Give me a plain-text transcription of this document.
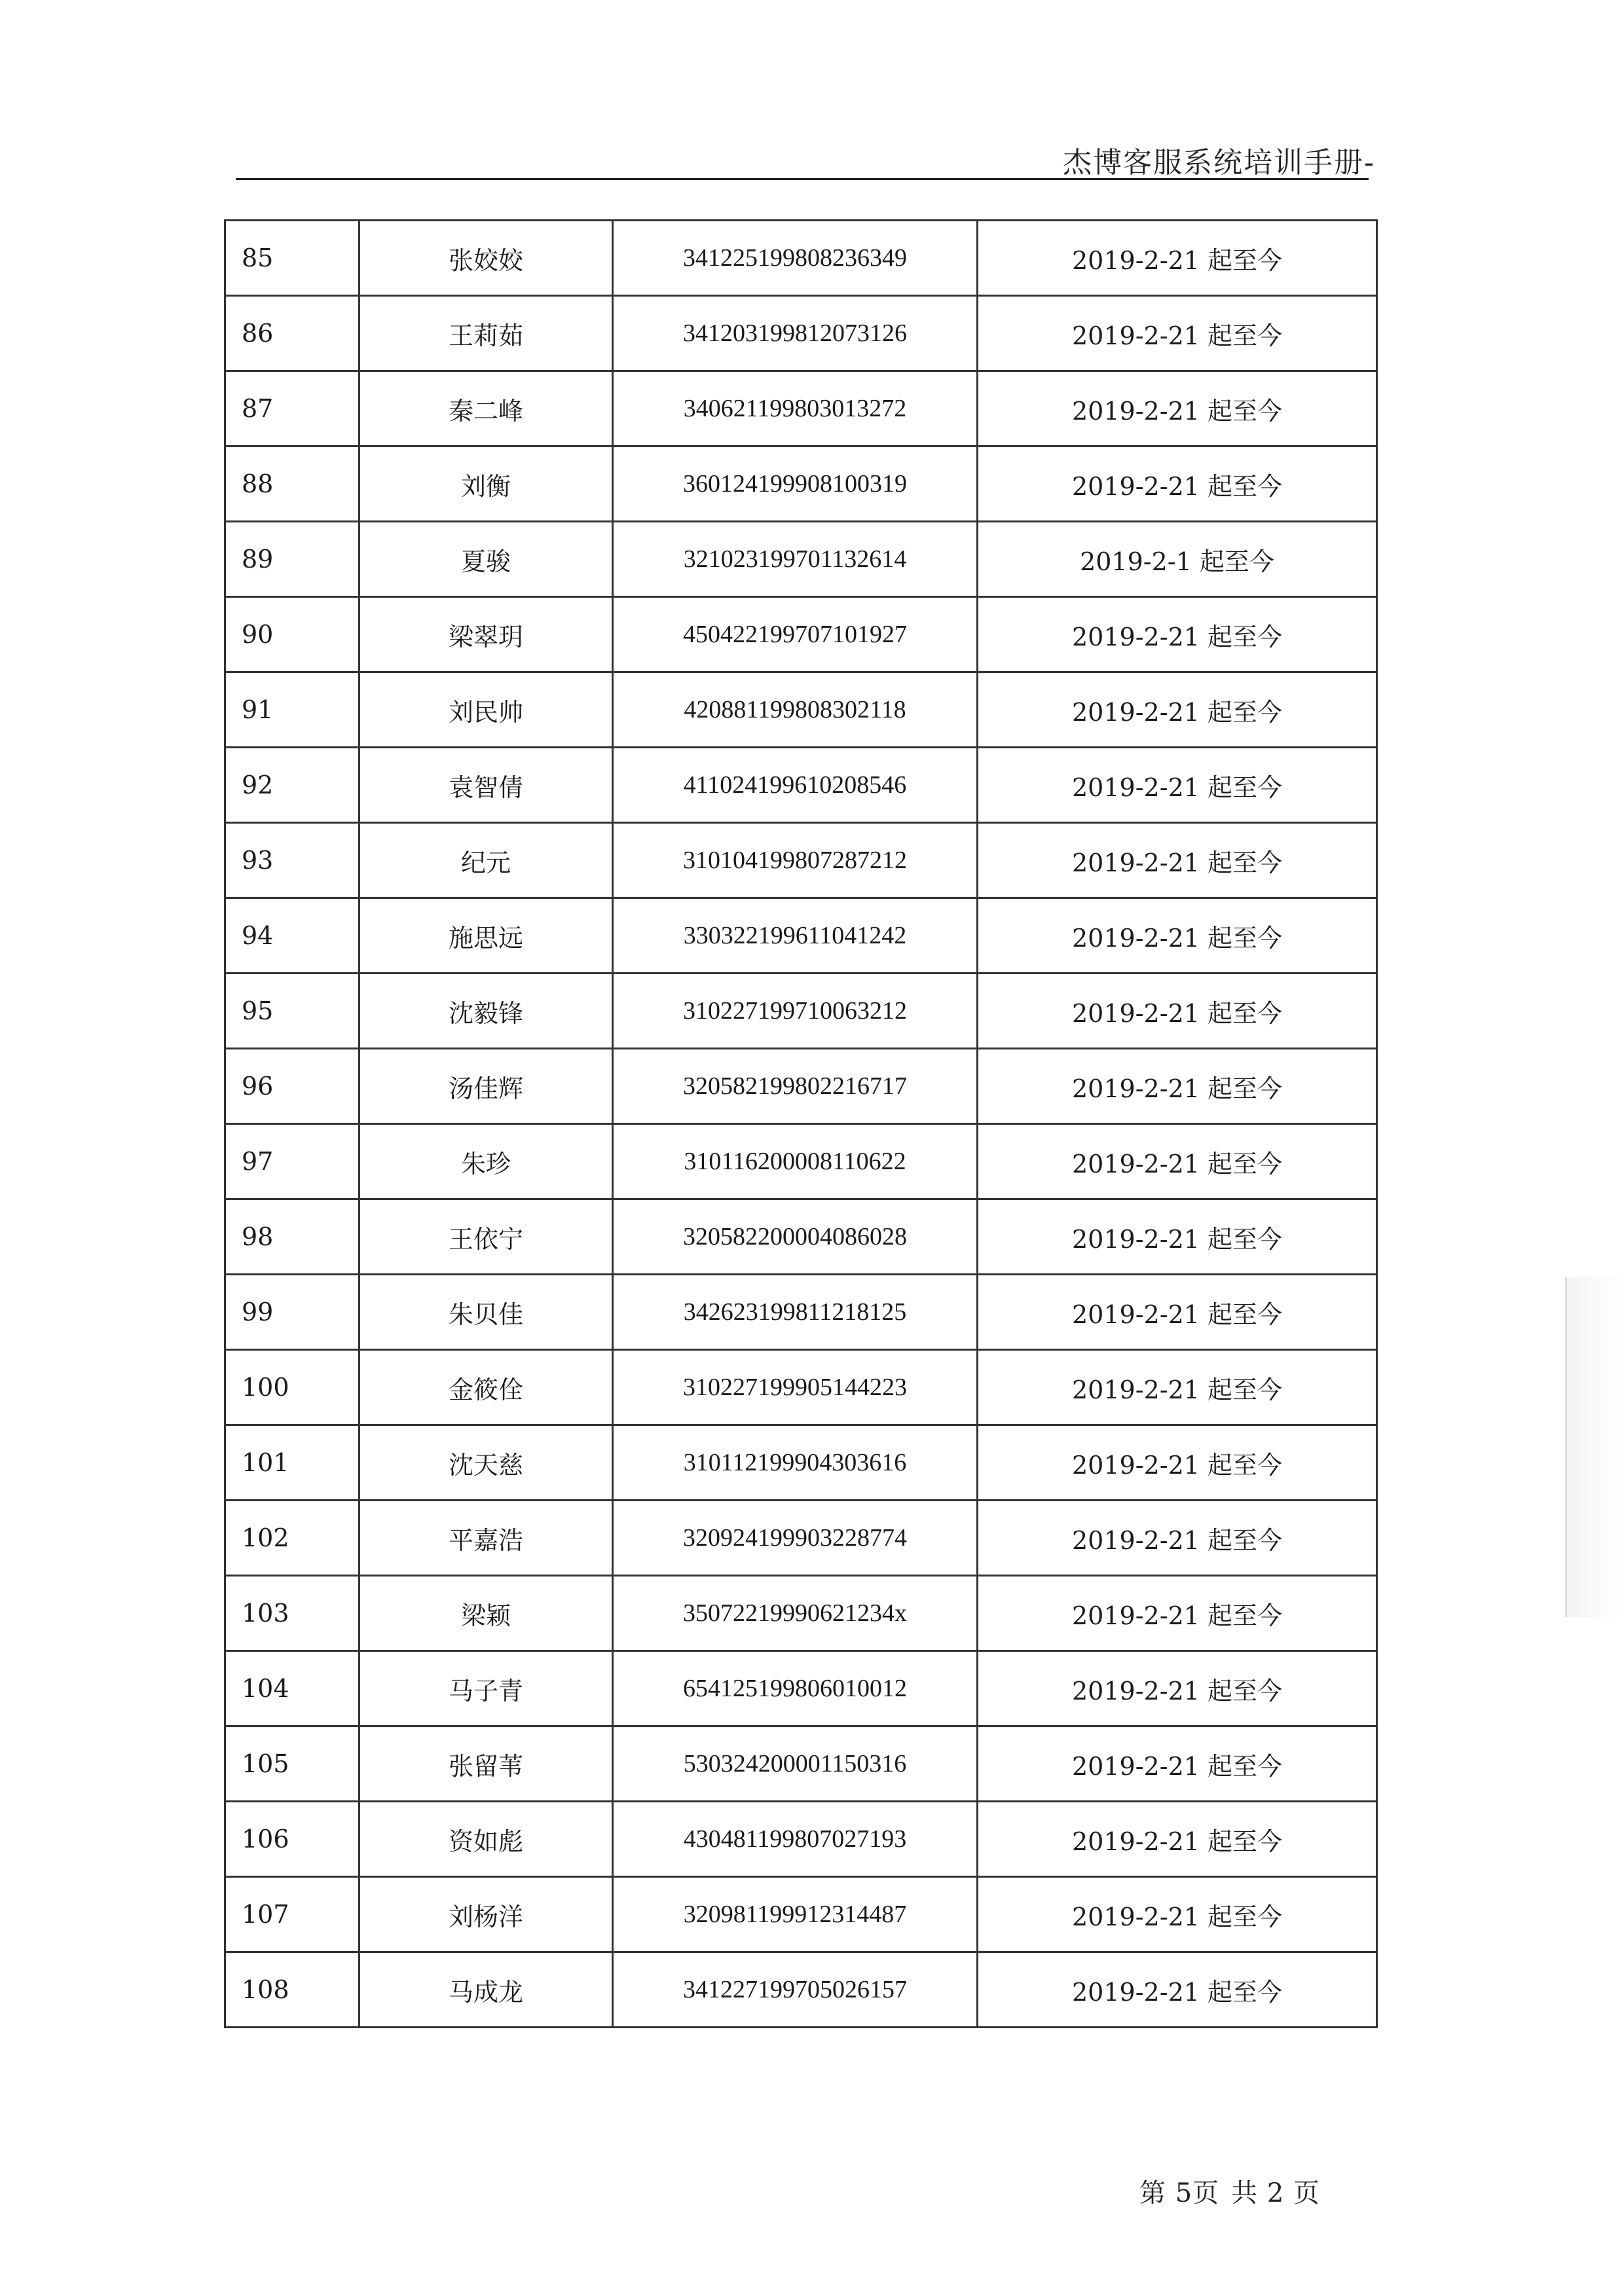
杰博客服系统培训手册-
85	张姣姣	341225199808236349	2019-2-21 起至今
86	王莉茹	341203199812073126	2019-2-21 起至今
87	秦二峰	340621199803013272	2019-2-21 起至今
88	刘衡	360124199908100319	2019-2-21 起至今
89	夏骏	321023199701132614	2019-2-1 起至今
90	梁翠玥	450422199707101927	2019-2-21 起至今
91	刘民帅	420881199808302118	2019-2-21 起至今
92	袁智倩	411024199610208546	2019-2-21 起至今
93	纪元	310104199807287212	2019-2-21 起至今
94	施思远	330322199611041242	2019-2-21 起至今
95	沈毅锋	310227199710063212	2019-2-21 起至今
96	汤佳辉	320582199802216717	2019-2-21 起至今
97	朱珍	310116200008110622	2019-2-21 起至今
98	王依宁	320582200004086028	2019-2-21 起至今
99	朱贝佳	342623199811218125	2019-2-21 起至今
100	金筱佺	310227199905144223	2019-2-21 起至今
101	沈天慈	310112199904303616	2019-2-21 起至今
102	平嘉浩	320924199903228774	2019-2-21 起至今
103	梁颖	35072219990621234x	2019-2-21 起至今
104	马子青	654125199806010012	2019-2-21 起至今
105	张留苇	530324200001150316	2019-2-21 起至今
106	资如彪	430481199807027193	2019-2-21 起至今
107	刘杨洋	320981199912314487	2019-2-21 起至今
108	马成龙	341227199705026157	2019-2-21 起至今
第 5页 共 2 页
